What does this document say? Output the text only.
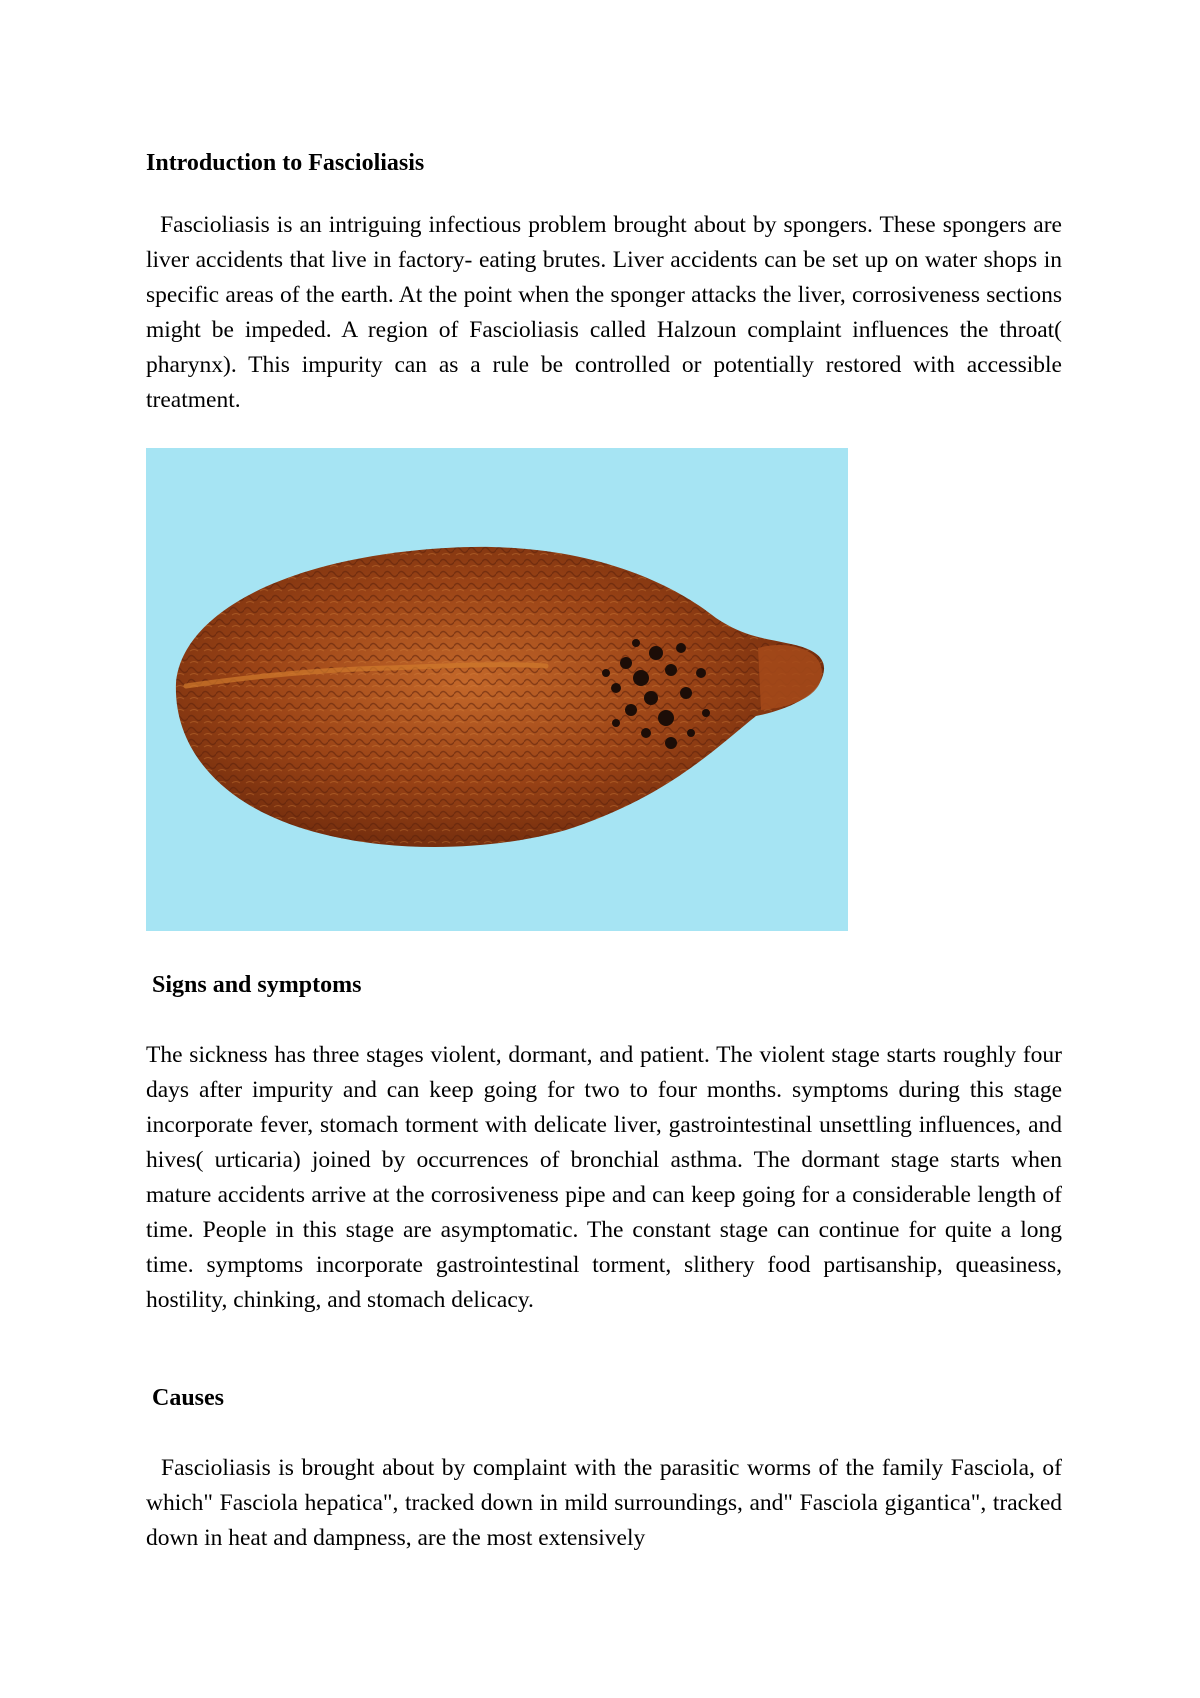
Introduction to Fascioliasis

Fascioliasis is an intriguing infectious problem brought about by spongers. These spongers are liver accidents that live in factory- eating brutes. Liver accidents can be set up on water shops in specific areas of the earth. At the point when the sponger attacks the liver, corrosiveness sections might be impeded. A region of Fascioliasis called Halzoun complaint influences the throat( pharynx). This impurity can as a rule be controlled or potentially restored with accessible treatment.

Signs and symptoms

The sickness has three stages violent, dormant, and patient. The violent stage starts roughly four days after impurity and can keep going for two to four months. symptoms during this stage incorporate fever, stomach torment with delicate liver, gastrointestinal unsettling influences, and hives( urticaria) joined by occurrences of bronchial asthma. The dormant stage starts when mature accidents arrive at the corrosiveness pipe and can keep going for a considerable length of time. People in this stage are asymptomatic. The constant stage can continue for quite a long time. symptoms incorporate gastrointestinal torment, slithery food partisanship, queasiness, hostility, chinking, and stomach delicacy.

Causes

Fascioliasis is brought about by complaint with the parasitic worms of the family Fasciola, of which" Fasciola hepatica", tracked down in mild surroundings, and" Fasciola gigantica", tracked down in heat and dampness, are the most extensively
